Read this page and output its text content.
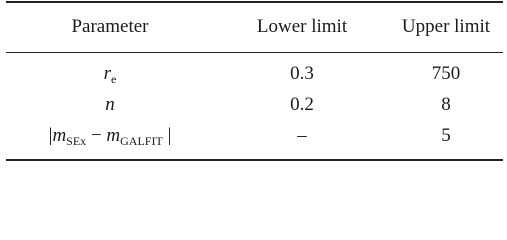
Parameter	Lower limit	Upper limit
$r_e$	0.3	750
n	0.2	8
$|m_{SEx} - m_{GALFIT}$ |	–	5
